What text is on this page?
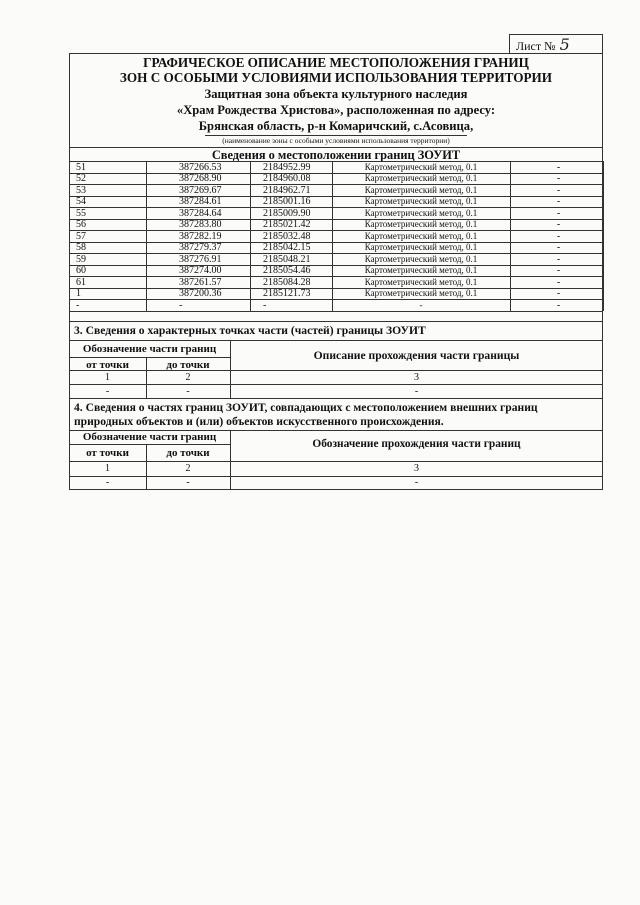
Лист № 5
ГРАФИЧЕСКОЕ ОПИСАНИЕ МЕСТОПОЛОЖЕНИЯ ГРАНИЦ
ЗОН С ОСОБЫМИ УСЛОВИЯМИ ИСПОЛЬЗОВАНИЯ ТЕРРИТОРИИ
Защитная зона объекта культурного наследия
«Храм Рождества Христова», расположенная по адресу:
Брянская область, р-н Комаричский, с.Асовица,
(наименование зоны с особыми условиями использования территории)
Сведения о местоположении границ ЗОУИТ
51	387266.53	2184952.99	Картометрический метод, 0.1	-
52	387268.90	2184960.08	Картометрический метод, 0.1	-
53	387269.67	2184962.71	Картометрический метод, 0.1	-
54	387284.61	2185001.16	Картометрический метод, 0.1	-
55	387284.64	2185009.90	Картометрический метод, 0.1	-
56	387283.80	2185021.42	Картометрический метод, 0.1	-
57	387282.19	2185032.48	Картометрический метод, 0.1	-
58	387279.37	2185042.15	Картометрический метод, 0.1	-
59	387276.91	2185048.21	Картометрический метод, 0.1	-
60	387274.00	2185054.46	Картометрический метод, 0.1	-
61	387261.57	2185084.28	Картометрический метод, 0.1	-
1	387200.36	2185121.73	Картометрический метод, 0.1	-
-	-	-	-	-
3. Сведения о характерных точках части (частей) границы ЗОУИТ
Обозначение части границ
от точки	до точки
Описание прохождения части границы
1	2	3
-	-	-
4. Сведения о частях границ ЗОУИТ, совпадающих с местоположением внешних границ
природных объектов и (или) объектов искусственного происхождения.
Обозначение части границ
от точки	до точки
Обозначение прохождения части границ
1	2	3
-	-	-
